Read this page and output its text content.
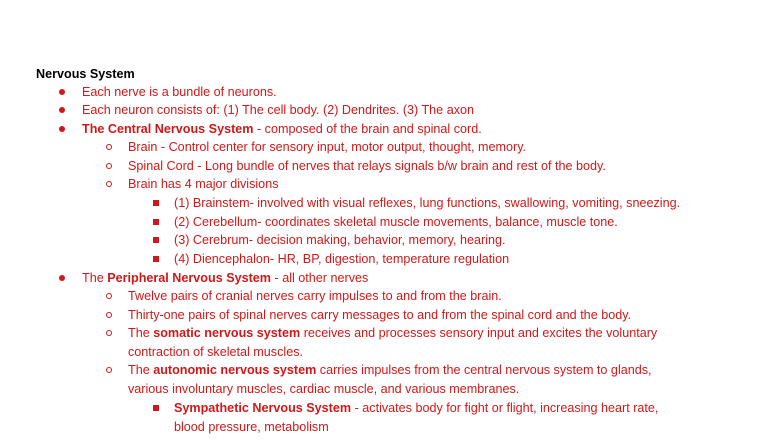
Nervous System
Each nerve is a bundle of neurons.
Each neuron consists of: (1) The cell body. (2) Dendrites. (3) The axon
The Central Nervous System - composed of the brain and spinal cord.
Brain - Control center for sensory input, motor output, thought, memory.
Spinal Cord - Long bundle of nerves that relays signals b/w brain and rest of the body.
Brain has 4 major divisions
(1) Brainstem- involved with visual reflexes, lung functions, swallowing, vomiting, sneezing.
(2) Cerebellum- coordinates skeletal muscle movements, balance, muscle tone.
(3) Cerebrum- decision making, behavior, memory, hearing.
(4) Diencephalon- HR, BP, digestion, temperature regulation
The Peripheral Nervous System - all other nerves
Twelve pairs of cranial nerves carry impulses to and from the brain.
Thirty-one pairs of spinal nerves carry messages to and from the spinal cord and the body.
The somatic nervous system receives and processes sensory input and excites the voluntary
contraction of skeletal muscles.
The autonomic nervous system carries impulses from the central nervous system to glands,
various involuntary muscles, cardiac muscle, and various membranes.
Sympathetic Nervous System - activates body for fight or flight, increasing heart rate,
blood pressure, metabolism
